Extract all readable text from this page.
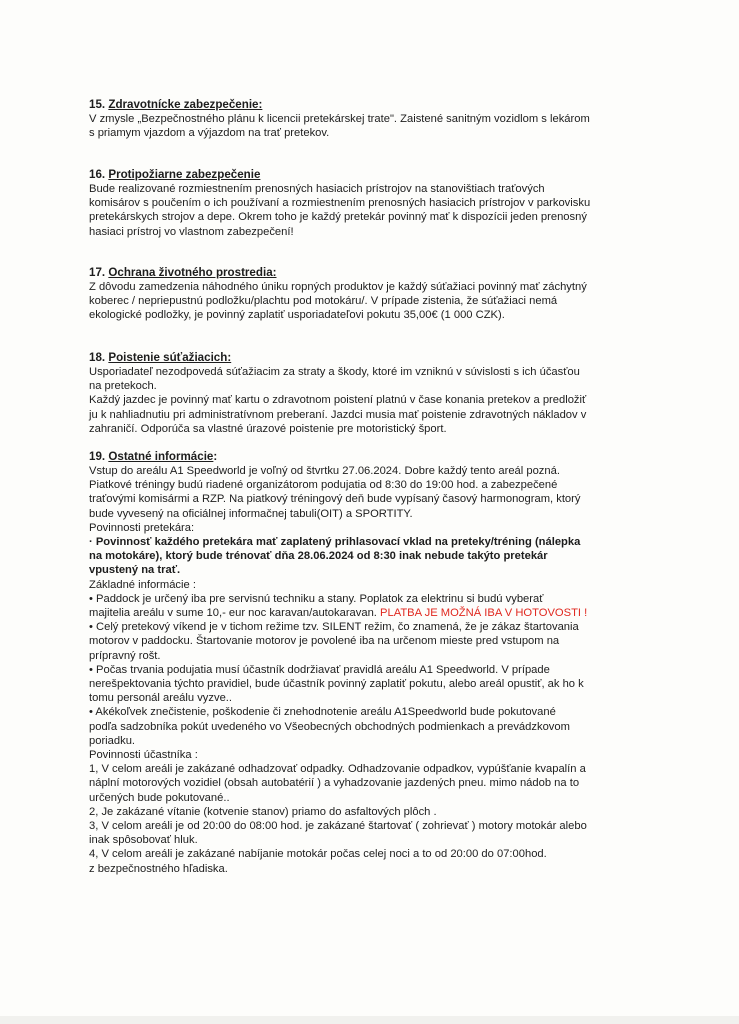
15. Zdravotnícke zabezpečenie:

V zmysle „Bezpečnostného plánu k licencii pretekárskej trate". Zaistené sanitným vozidlom s lekárom

s priamym vjazdom a výjazdom na trať pretekov.

16. Protipožiarne zabezpečenie

Bude realizované rozmiestnením prenosných hasiacich prístrojov na stanovištiach traťových

komisárov s poučením o ich používaní a rozmiestnením prenosných hasiacich prístrojov v parkovisku

pretekárskych strojov a depe. Okrem toho je každý pretekár povinný mať k dispozícii jeden prenosný

hasiaci prístroj vo vlastnom zabezpečení!

17. Ochrana životného prostredia:

Z dôvodu zamedzenia náhodného úniku ropných produktov je každý súťažiaci povinný mať záchytný

koberec / nepriepustnú podložku/plachtu pod motokáru/. V prípade zistenia, že súťažiaci nemá

ekologické podložky, je povinný zaplatiť usporiadateľovi pokutu 35,00€ (1 000 CZK).

18. Poistenie súťažiacich:

Usporiadateľ nezodpovedá súťažiacim za straty a škody, ktoré im vzniknú v súvislosti s ich účasťou

na pretekoch.

Každý jazdec je povinný mať kartu o zdravotnom poistení platnú v čase konania pretekov a predložiť

ju k nahliadnutiu pri administratívnom preberaní. Jazdci musia mať poistenie zdravotných nákladov v

zahraničí. Odporúča sa vlastné úrazové poistenie pre motoristický šport.

19. Ostatné informácie:

Vstup do areálu A1 Speedworld je voľný od štvrtku 27.06.2024. Dobre každý tento areál pozná.

Piatkové tréningy budú riadené organizátorom podujatia od 8:30 do 19:00 hod. a zabezpečené

traťovými komisármi a RZP. Na piatkový tréningový deň bude vypísaný časový harmonogram, ktorý

bude vyvesený na oficiálnej informačnej tabuli(OIT) a SPORTITY.

Povinnosti pretekára:

· Povinnosť každého pretekára mať zaplatený prihlasovací vklad na preteky/tréning (nálepka

na motokáre), ktorý bude trénovať dňa 28.06.2024 od 8:30 inak nebude takýto pretekár

vpustený na trať.

Základné informácie :

• Paddock je určený iba pre servisnú techniku a stany. Poplatok za elektrinu si budú vyberať

majitelia areálu v sume 10,- eur noc karavan/autokaravan. PLATBA JE MOŽNÁ IBA V HOTOVOSTI !

• Celý pretekový víkend je v tichom režime tzv. SILENT režim, čo znamená, že je zákaz štartovania

motorov v paddocku. Štartovanie motorov je povolené iba na určenom mieste pred vstupom na

prípravný rošt.

• Počas trvania podujatia musí účastník dodržiavať pravidlá areálu A1 Speedworld. V prípade

nerešpektovania týchto pravidiel, bude účastník povinný zaplatiť pokutu, alebo areál opustiť, ak ho k

tomu personál areálu vyzve..

• Akékoľvek znečistenie, poškodenie či znehodnotenie areálu A1Speedworld bude pokutované

podľa sadzobníka pokút uvedeného vo Všeobecných obchodných podmienkach a prevádzkovom

poriadku.

Povinnosti účastníka :

1, V celom areáli je zakázané odhadzovať odpadky. Odhadzovanie odpadkov, vypúšťanie kvapalín a

náplní motorových vozidiel (obsah autobatérií ) a vyhadzovanie jazdených pneu. mimo nádob na to

určených bude pokutované..

2, Je zakázané vítanie (kotvenie stanov) priamo do asfaltových plôch .

3, V celom areáli je od 20:00 do 08:00 hod. je zakázané štartovať ( zohrievať ) motory motokár alebo

inak spôsobovať hluk.

4, V celom areáli je zakázané nabíjanie motokár počas celej noci a to od 20:00 do 07:00hod.

z bezpečnostného hľadiska.
